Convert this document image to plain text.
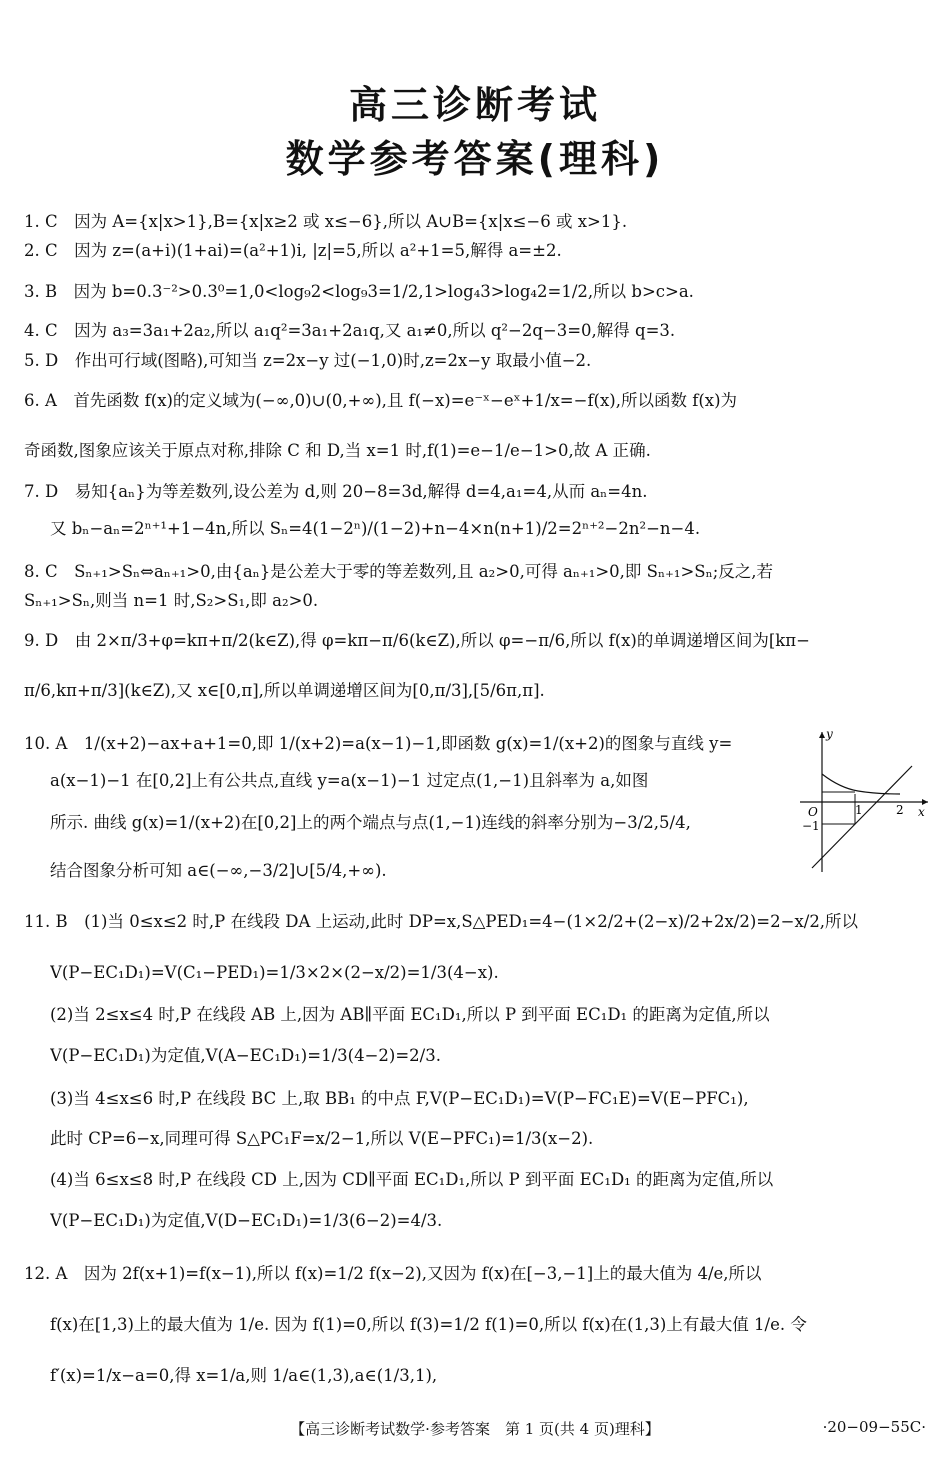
高三诊断考试
数学参考答案(理科)
1. C　因为 A={x|x>1},B={x|x≥2 或 x≤−6},所以 A∪B={x|x≤−6 或 x>1}.
2. C　因为 z=(a+i)(1+ai)=(a²+1)i, |z|=5,所以 a²+1=5,解得 a=±2.
3. B　因为 b=0.3⁻²>0.3⁰=1,0<log₉2<log₉3=1/2,1>log₄3>log₄2=1/2,所以 b>c>a.
4. C　因为 a₃=3a₁+2a₂,所以 a₁q²=3a₁+2a₁q,又 a₁≠0,所以 q²−2q−3=0,解得 q=3.
5. D　作出可行域(图略),可知当 z=2x−y 过(−1,0)时,z=2x−y 取最小值−2.
6. A　首先函数 f(x)的定义域为(−∞,0)∪(0,+∞),且 f(−x)=e⁻ˣ−eˣ+1/x=−f(x),所以函数 f(x)为
奇函数,图象应该关于原点对称,排除 C 和 D,当 x=1 时,f(1)=e−1/e−1>0,故 A 正确.
7. D　易知{aₙ}为等差数列,设公差为 d,则 20−8=3d,解得 d=4,a₁=4,从而 aₙ=4n.
又 bₙ−aₙ=2ⁿ⁺¹+1−4n,所以 Sₙ=4(1−2ⁿ)/(1−2)+n−4×n(n+1)/2=2ⁿ⁺²−2n²−n−4.
8. C　Sₙ₊₁>Sₙ⇔aₙ₊₁>0,由{aₙ}是公差大于零的等差数列,且 a₂>0,可得 aₙ₊₁>0,即 Sₙ₊₁>Sₙ;反之,若
Sₙ₊₁>Sₙ,则当 n=1 时,S₂>S₁,即 a₂>0.
9. D　由 2×π/3+φ=kπ+π/2(k∈Z),得 φ=kπ−π/6(k∈Z),所以 φ=−π/6,所以 f(x)的单调递增区间为[kπ−
π/6,kπ+π/3](k∈Z),又 x∈[0,π],所以单调递增区间为[0,π/3],[5/6π,π].
10. A　1/(x+2)−ax+a+1=0,即 1/(x+2)=a(x−1)−1,即函数 g(x)=1/(x+2)的图象与直线 y=
a(x−1)−1 在[0,2]上有公共点,直线 y=a(x−1)−1 过定点(1,−1)且斜率为 a,如图
所示. 曲线 g(x)=1/(x+2)在[0,2]上的两个端点与点(1,−1)连线的斜率分别为−3/2,5/4,
结合图象分析可知 a∈(−∞,−3/2]∪[5/4,+∞).
y
x
O	1	2
−1
11. B　(1)当 0≤x≤2 时,P 在线段 DA 上运动,此时 DP=x,S△PED₁=4−(1×2/2+(2−x)/2+2x/2)=2−x/2,所以
V(P−EC₁D₁)=V(C₁−PED₁)=1/3×2×(2−x/2)=1/3(4−x).
(2)当 2≤x≤4 时,P 在线段 AB 上,因为 AB∥平面 EC₁D₁,所以 P 到平面 EC₁D₁ 的距离为定值,所以
V(P−EC₁D₁)为定值,V(A−EC₁D₁)=1/3(4−2)=2/3.
(3)当 4≤x≤6 时,P 在线段 BC 上,取 BB₁ 的中点 F,V(P−EC₁D₁)=V(P−FC₁E)=V(E−PFC₁),
此时 CP=6−x,同理可得 S△PC₁F=x/2−1,所以 V(E−PFC₁)=1/3(x−2).
(4)当 6≤x≤8 时,P 在线段 CD 上,因为 CD∥平面 EC₁D₁,所以 P 到平面 EC₁D₁ 的距离为定值,所以
V(P−EC₁D₁)为定值,V(D−EC₁D₁)=1/3(6−2)=4/3.
12. A　因为 2f(x+1)=f(x−1),所以 f(x)=1/2 f(x−2),又因为 f(x)在[−3,−1]上的最大值为 4/e,所以
f(x)在[1,3)上的最大值为 1/e. 因为 f(1)=0,所以 f(3)=1/2 f(1)=0,所以 f(x)在(1,3)上有最大值 1/e. 令
f′(x)=1/x−a=0,得 x=1/a,则 1/a∈(1,3),a∈(1/3,1),
【高三诊断考试数学·参考答案　第 1 页(共 4 页)理科】	·20−09−55C·
